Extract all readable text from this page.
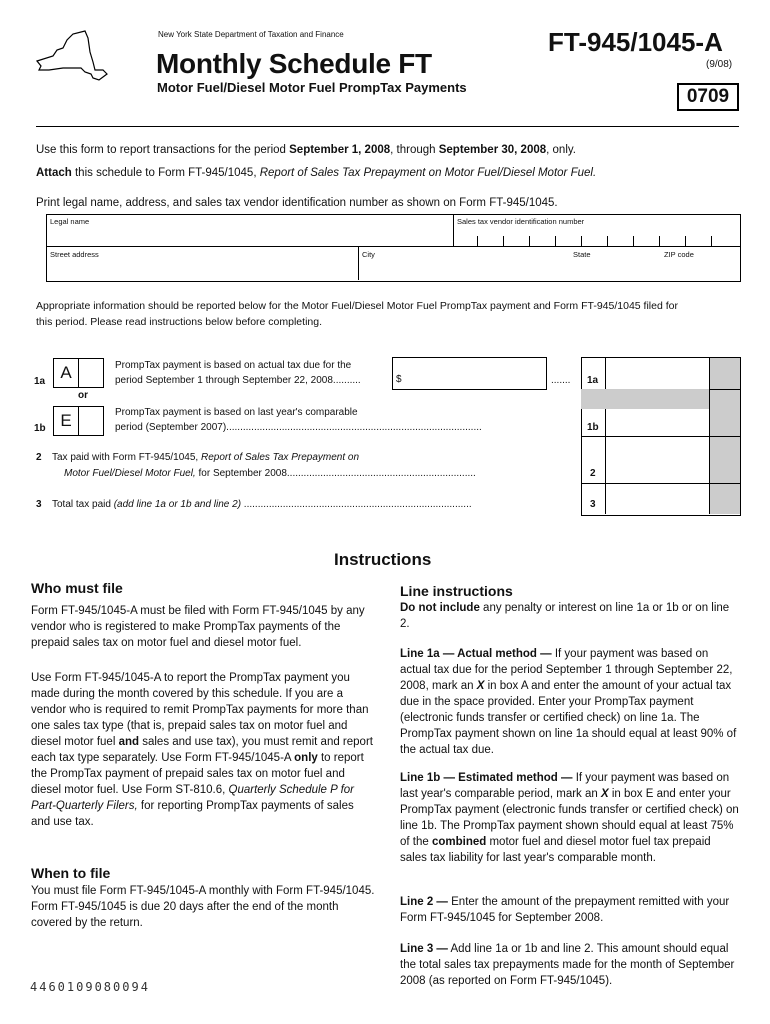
New York State Department of Taxation and Finance
Monthly Schedule FT
Motor Fuel/Diesel Motor Fuel PrompTax Payments
FT-945/1045-A
(9/08)
0709
Use this form to report transactions for the period September 1, 2008, through September 30, 2008, only.
Attach this schedule to Form FT-945/1045, Report of Sales Tax Prepayment on Motor Fuel/Diesel Motor Fuel.
Print legal name, address, and sales tax vendor identification number as shown on Form FT-945/1045.
Legal name	Sales tax vendor identification number
Street address	City	State	ZIP code
Appropriate information should be reported below for the Motor Fuel/Diesel Motor Fuel PrompTax payment and Form FT-945/1045 filed for
this period. Please read instructions below before completing.
1a A	PrompTax payment is based on actual tax due for the
period September 1 through September 22, 2008..........	$	....... 1a
or
1b E	PrompTax payment is based on last year's comparable
period (September 2007)............................................................................................	1b
2 Tax paid with Form FT-945/1045, Report of Sales Tax Prepayment on
Motor Fuel/Diesel Motor Fuel, for September 2008....................................................................	2
3 Total tax paid (add line 1a or 1b and line 2) ..................................................................................	3
Instructions
Who must file
Form FT-945/1045-A must be filed with Form FT-945/1045 by any vendor who is registered to make PrompTax payments of the prepaid sales tax on motor fuel and diesel motor fuel.
Use Form FT-945/1045-A to report the PrompTax payment you made during the month covered by this schedule. If you are a vendor who is required to remit PrompTax payments for more than one sales tax type (that is, prepaid sales tax on motor fuel and diesel motor fuel and sales and use tax), you must remit and report each tax type separately. Use Form FT-945/1045-A only to report the PrompTax payment of prepaid sales tax on motor fuel and diesel motor fuel. Use Form ST-810.6, Quarterly Schedule P for Part-Quarterly Filers, for reporting PrompTax payments of sales and use tax.
When to file
You must file Form FT-945/1045-A monthly with Form FT-945/1045. Form FT-945/1045 is due 20 days after the end of the month covered by the return.
4460109080094
Line instructions
Do not include any penalty or interest on line 1a or 1b or on line 2.
Line 1a — Actual method — If your payment was based on actual tax due for the period September 1 through September 22, 2008, mark an X in box A and enter the amount of your actual tax due in the space provided. Enter your PrompTax payment (electronic funds transfer or certified check) on line 1a. The PrompTax payment shown on line 1a should equal at least 90% of the actual tax due.
Line 1b — Estimated method — If your payment was based on last year's comparable period, mark an X in box E and enter your PrompTax payment (electronic funds transfer or certified check) on line 1b. The PrompTax payment shown should equal at least 75% of the combined motor fuel and diesel motor fuel tax prepaid sales tax liability for last year's comparable month.
Line 2 — Enter the amount of the prepayment remitted with your Form FT-945/1045 for September 2008.
Line 3 — Add line 1a or 1b and line 2. This amount should equal the total sales tax prepayments made for the month of September 2008 (as reported on Form FT-945/1045).
